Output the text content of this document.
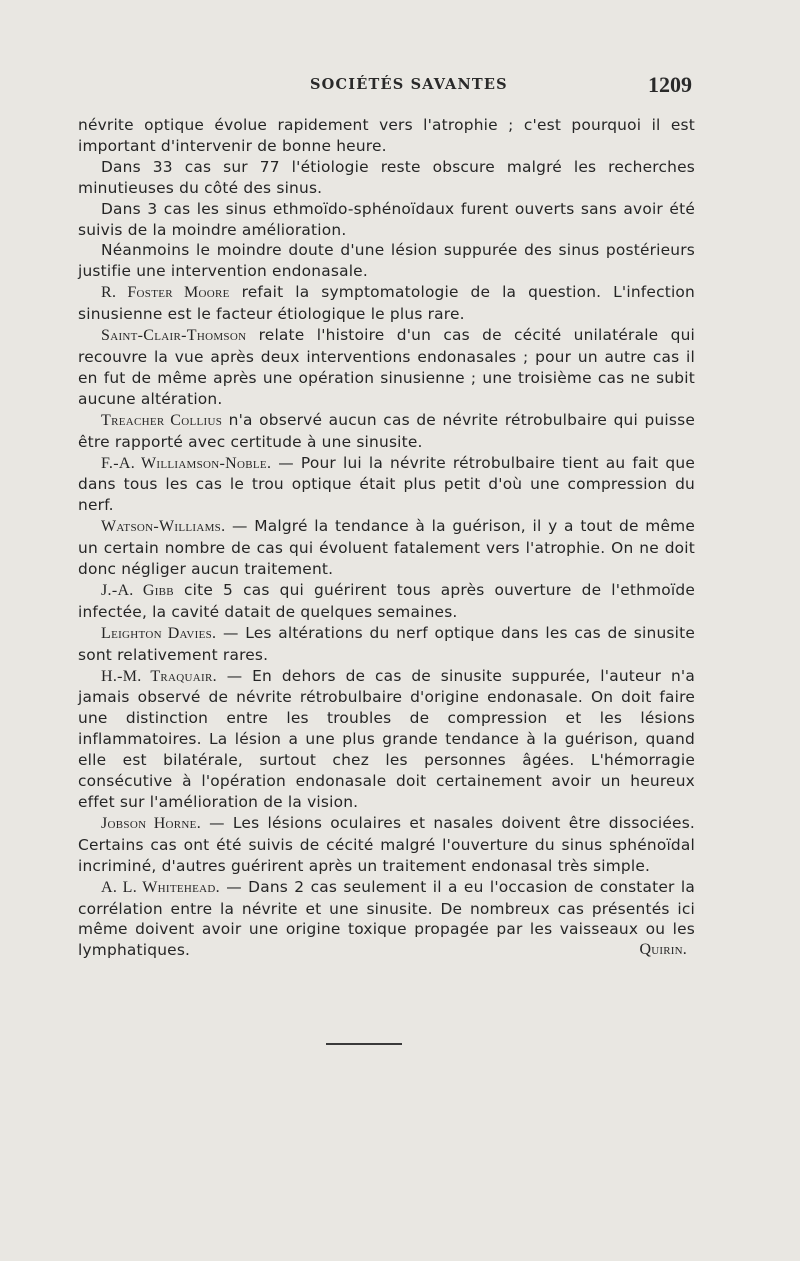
SOCIÉTÉS SAVANTES	1209

névrite optique évolue rapidement vers l'atrophie ; c'est pourquoi il est important d'intervenir de bonne heure.

Dans 33 cas sur 77 l'étiologie reste obscure malgré les recherches minutieuses du côté des sinus.

Dans 3 cas les sinus ethmoïdo-sphénoïdaux furent ouverts sans avoir été suivis de la moindre amélioration.

Néanmoins le moindre doute d'une lésion suppurée des sinus postérieurs justifie une intervention endonasale.

R. Foster Moore refait la symptomatologie de la question. L'infection sinusienne est le facteur étiologique le plus rare.

Saint-Clair-Thomson relate l'histoire d'un cas de cécité unilatérale qui recouvre la vue après deux interventions endonasales ; pour un autre cas il en fut de même après une opération sinusienne ; une troisième cas ne subit aucune altération.

Treacher Collius n'a observé aucun cas de névrite rétrobulbaire qui puisse être rapporté avec certitude à une sinusite.

F.-A. Williamson-Noble. — Pour lui la névrite rétrobulbaire tient au fait que dans tous les cas le trou optique était plus petit d'où une compression du nerf.

Watson-Williams. — Malgré la tendance à la guérison, il y a tout de même un certain nombre de cas qui évoluent fatalement vers l'atrophie. On ne doit donc négliger aucun traitement.

J.-A. Gibb cite 5 cas qui guérirent tous après ouverture de l'ethmoïde infectée, la cavité datait de quelques semaines.

Leighton Davies. — Les altérations du nerf optique dans les cas de sinusite sont relativement rares.

H.-M. Traquair. — En dehors de cas de sinusite suppurée, l'auteur n'a jamais observé de névrite rétrobulbaire d'origine endonasale. On doit faire une distinction entre les troubles de compression et les lésions inflammatoires. La lésion a une plus grande tendance à la guérison, quand elle est bilatérale, surtout chez les personnes âgées. L'hémorragie consécutive à l'opération endonasale doit certainement avoir un heureux effet sur l'amélioration de la vision.

Jobson Horne. — Les lésions oculaires et nasales doivent être dissociées. Certains cas ont été suivis de cécité malgré l'ouverture du sinus sphénoïdal incriminé, d'autres guérirent après un traitement endonasal très simple.

A. L. Whitehead. — Dans 2 cas seulement il a eu l'occasion de constater la corrélation entre la névrite et une sinusite. De nombreux cas présentés ici même doivent avoir une origine toxique propagée par les vaisseaux ou les lymphatiques.	Quirin.
